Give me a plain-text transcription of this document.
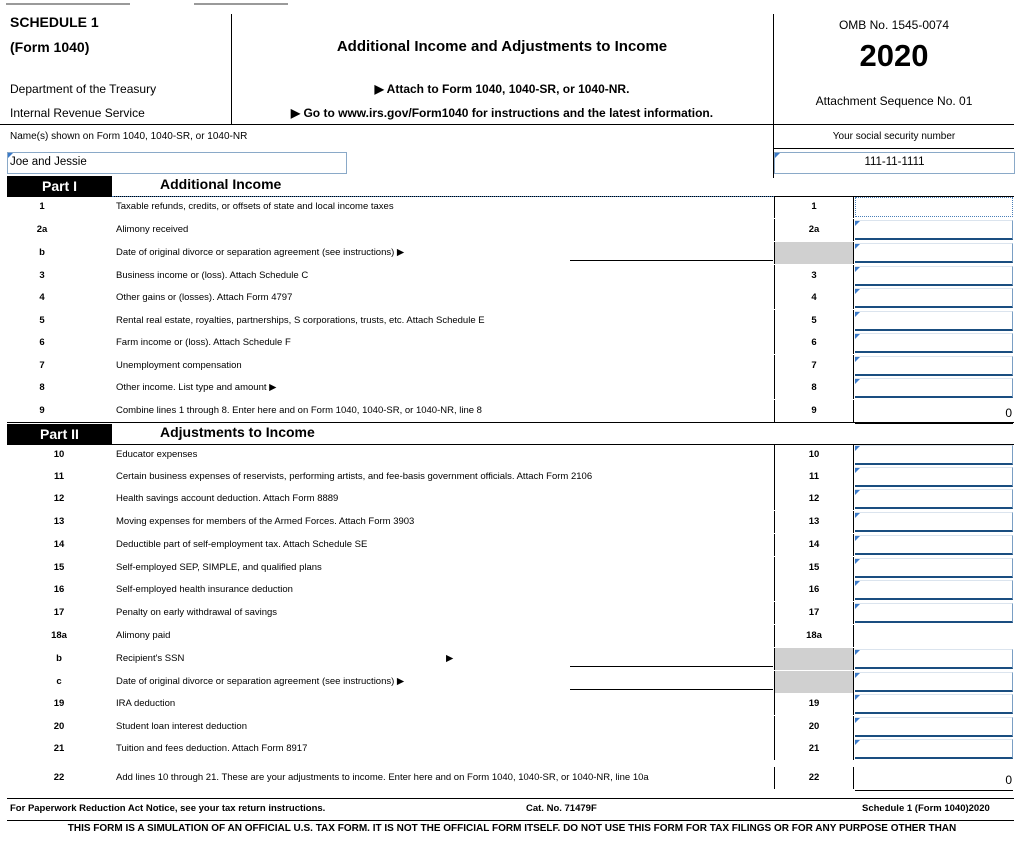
SCHEDULE 1
(Form 1040)
Department of the Treasury
Internal Revenue Service
Additional Income and Adjustments to Income
▶ Attach to Form 1040, 1040-SR, or 1040-NR.
▶ Go to www.irs.gov/Form1040 for instructions and the latest information.
OMB No. 1545-0074
2020
Attachment Sequence No. 01
Name(s) shown on Form 1040, 1040-SR, or 1040-NR	Your social security number
Joe and Jessie	111-11-1111
Part I	Additional Income
1	Taxable refunds, credits, or offsets of state and local income taxes	1
2a	Alimony received	2a
b	Date of original divorce or separation agreement (see instructions) ▶
3	Business income or (loss). Attach Schedule C	3
4	Other gains or (losses). Attach Form 4797	4
5	Rental real estate, royalties, partnerships, S corporations, trusts, etc. Attach Schedule E	5
6	Farm income or (loss). Attach Schedule F	6
7	Unemployment compensation	7
8	Other income. List type and amount ▶	8
9	Combine lines 1 through 8. Enter here and on Form 1040, 1040-SR, or 1040-NR, line 8	9	0
Part II	Adjustments to Income
10	Educator expenses	10
11	Certain business expenses of reservists, performing artists, and fee-basis government officials. Attach Form 2106	11
12	Health savings account deduction. Attach Form 8889	12
13	Moving expenses for members of the Armed Forces. Attach Form 3903	13
14	Deductible part of self-employment tax. Attach Schedule SE	14
15	Self-employed SEP, SIMPLE, and qualified plans	15
16	Self-employed health insurance deduction	16
17	Penalty on early withdrawal of savings	17
18a	Alimony paid	18a
b	Recipient's SSN	▶
c	Date of original divorce or separation agreement (see instructions) ▶
19	IRA deduction	19
20	Student loan interest deduction	20
21	Tuition and fees deduction. Attach Form 8917	21
22	Add lines 10 through 21. These are your adjustments to income. Enter here and on Form 1040, 1040-SR, or 1040-NR, line 10a	22	0
For Paperwork Reduction Act Notice, see your tax return instructions.	Cat. No. 71479F	Schedule 1 (Form 1040)2020
THIS FORM IS A SIMULATION OF AN OFFICIAL U.S. TAX FORM. IT IS NOT THE OFFICIAL FORM ITSELF. DO NOT USE THIS FORM FOR TAX FILINGS OR FOR ANY PURPOSE OTHER THAN
